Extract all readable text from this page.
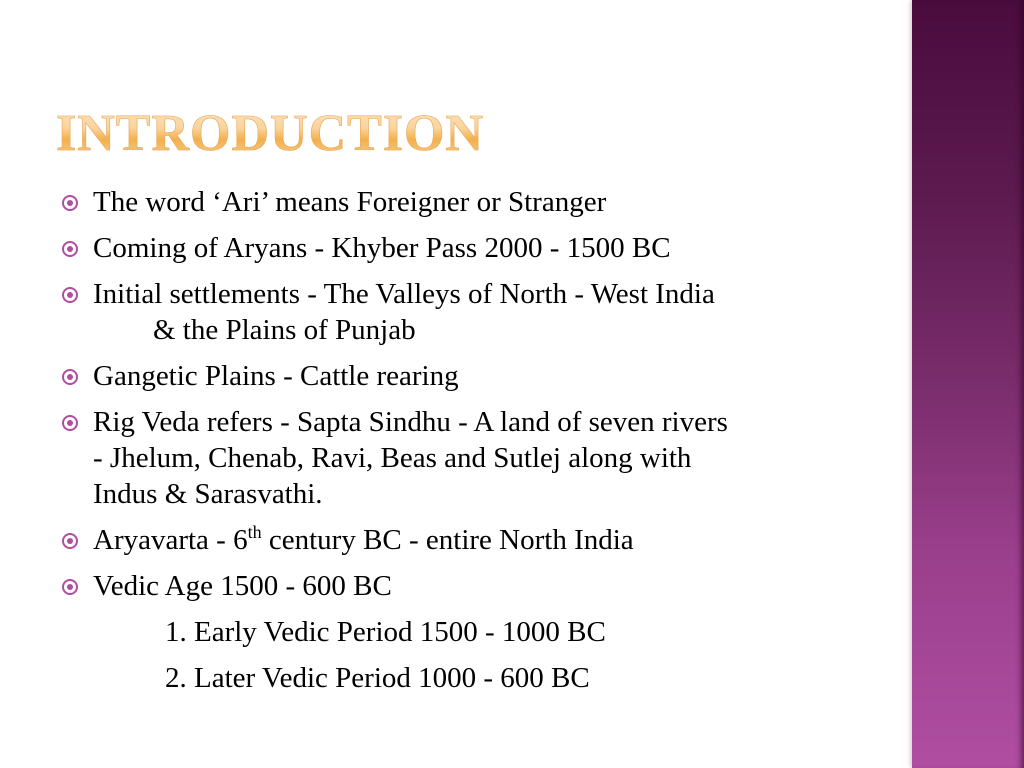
INTRODUCTION
The word ‘Ari’ means Foreigner or Stranger
Coming of Aryans - Khyber Pass 2000 - 1500 BC
Initial settlements - The Valleys of North - West India
& the Plains of Punjab
Gangetic Plains - Cattle rearing
Rig Veda refers - Sapta Sindhu - A land of seven rivers
- Jhelum, Chenab, Ravi, Beas and Sutlej along with
Indus & Sarasvathi.
Aryavarta - 6th century BC - entire North India
Vedic Age 1500 - 600 BC
1. Early Vedic Period 1500 - 1000 BC
2. Later Vedic Period 1000 - 600 BC
